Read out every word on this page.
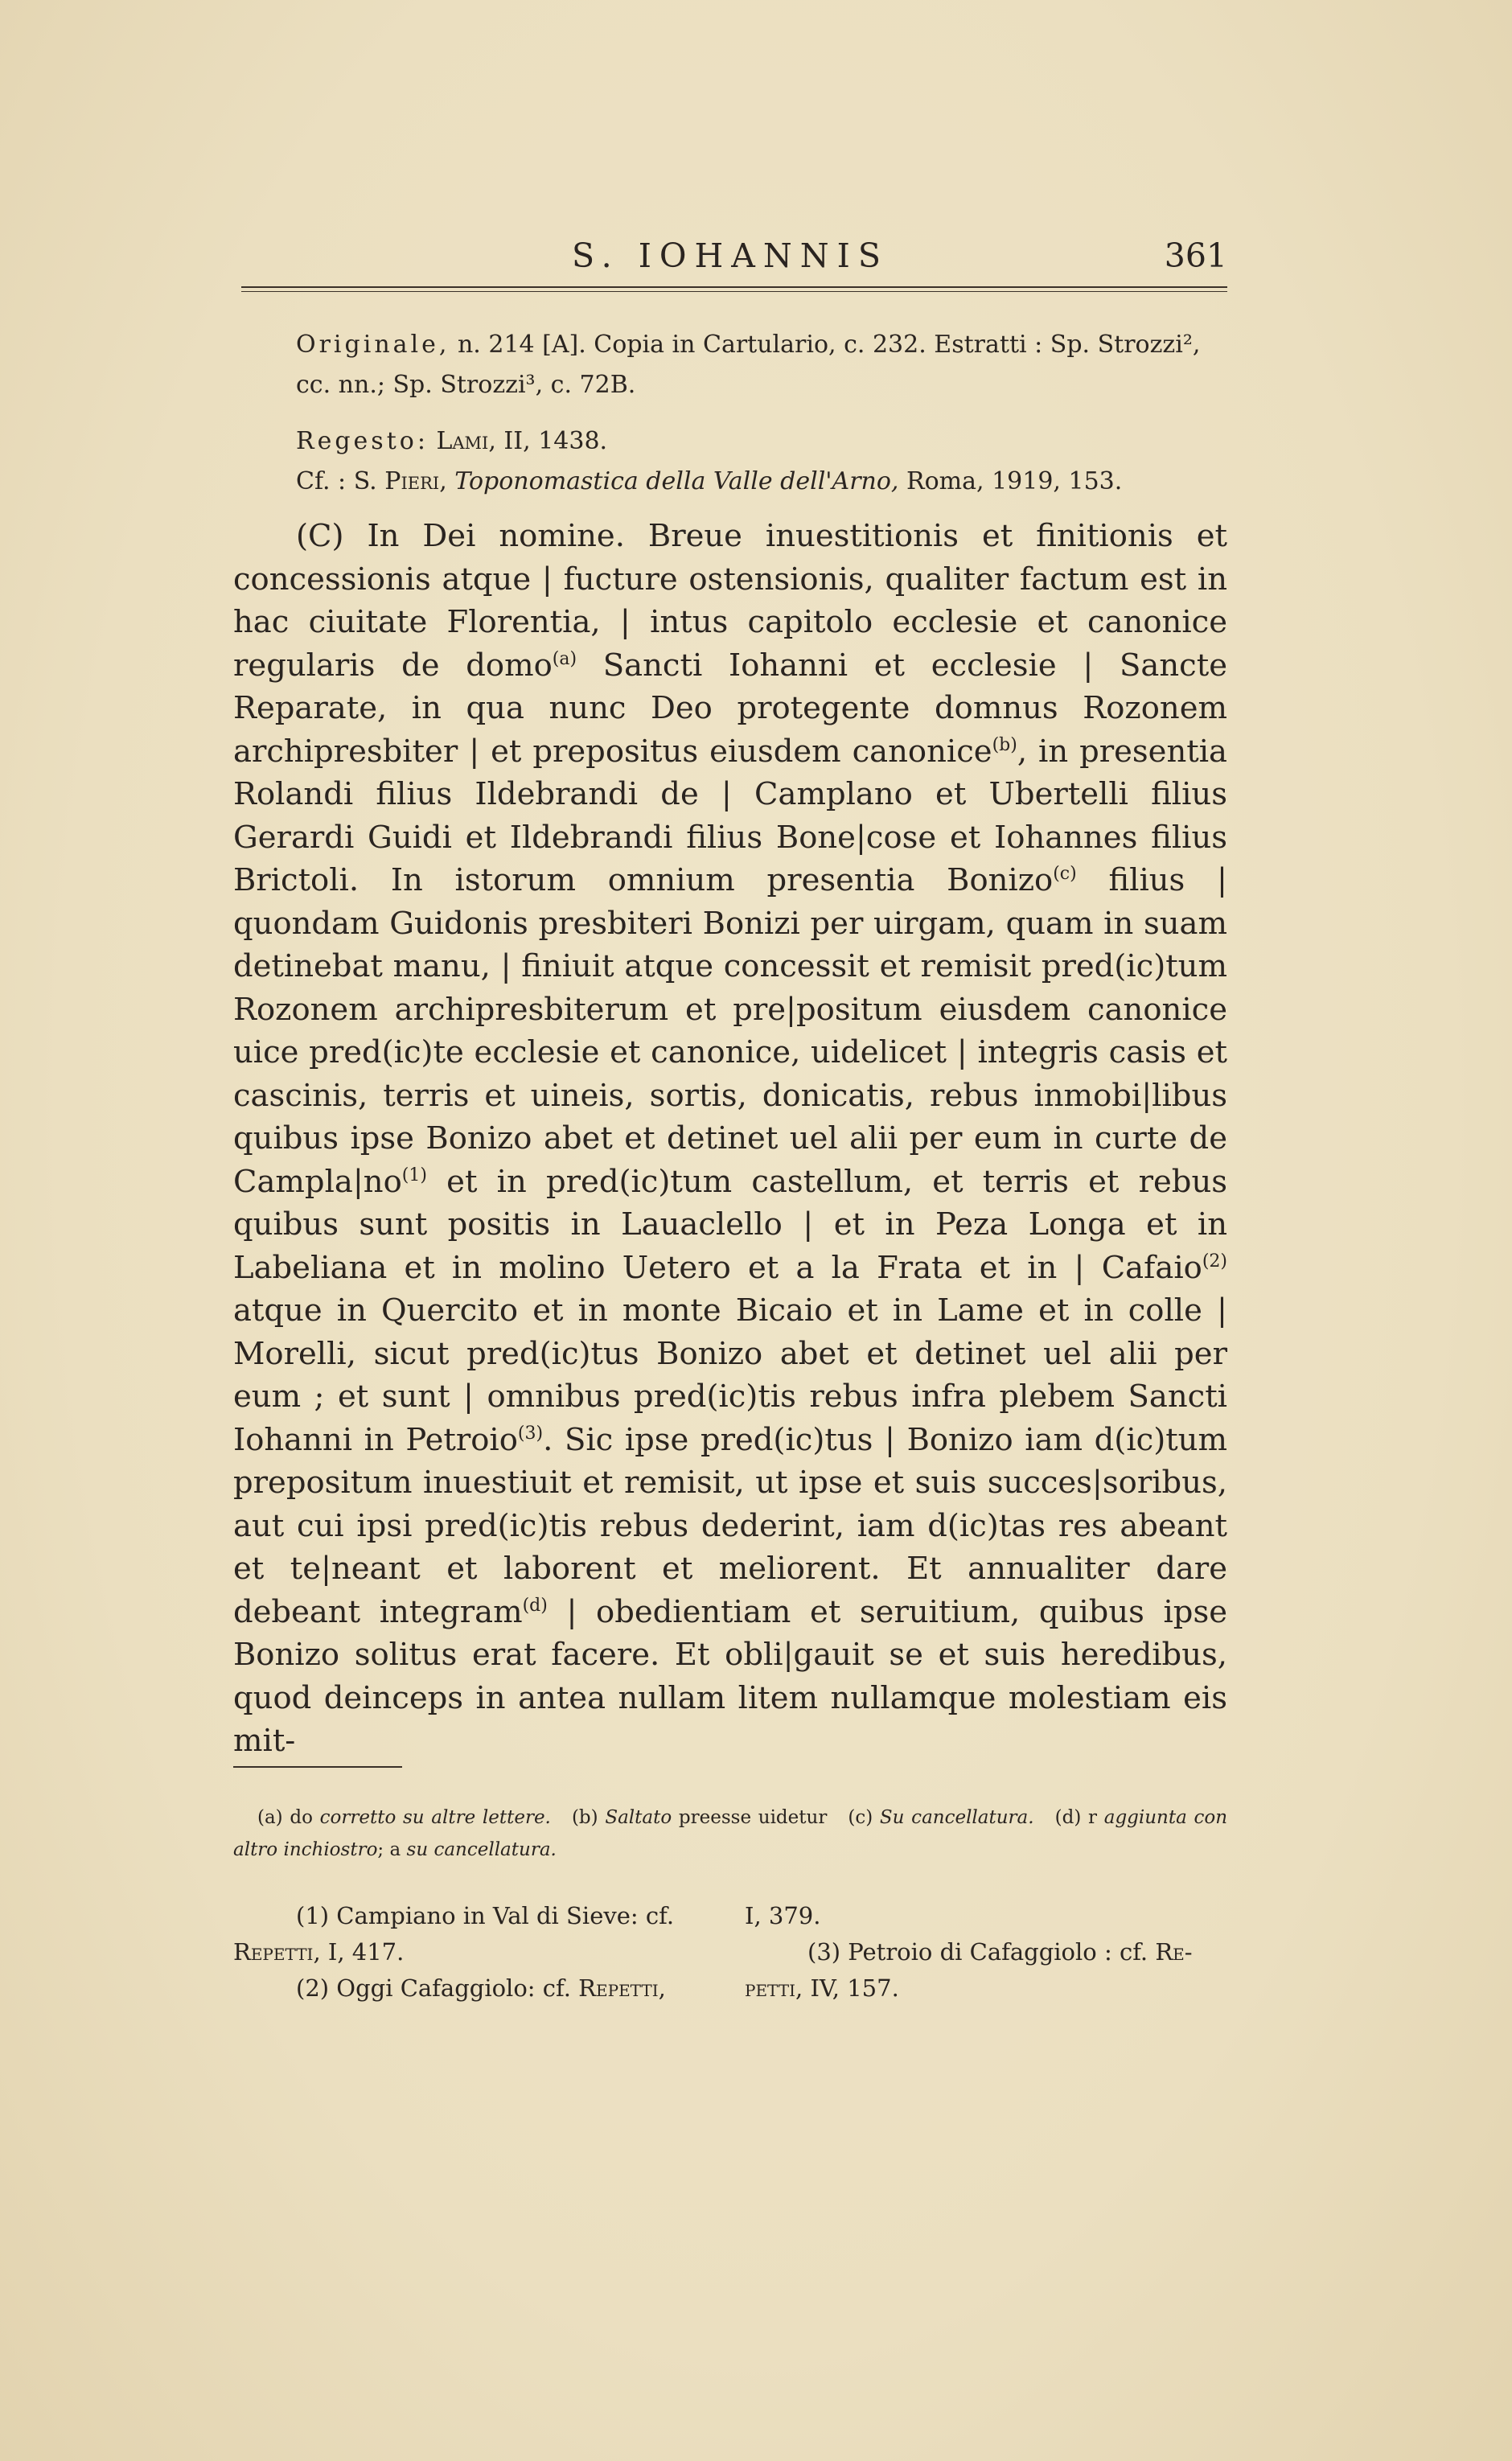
S. IOHANNIS	361

Originale, n. 214 [A]. Copia in Cartulario, c. 232. Estratti : Sp. Strozzi², cc. nn.; Sp. Strozzi³, c. 72B.

Regesto: Lami, II, 1438.

Cf. : S. Pieri, Toponomastica della Valle dell'Arno, Roma, 1919, 153.

(C) In Dei nomine. Breue inuestitionis et finitionis et concessionis atque | fucture ostensionis, qualiter factum est in hac ciuitate Florentia, | intus capitolo ecclesie et canonice regularis de domo$^{(a)}$ Sancti Iohanni et ecclesie | Sancte Reparate, in qua nunc Deo protegente domnus Rozonem archipresbiter | et prepositus eiusdem canonice$^{(b)}$, in presentia Rolandi filius Ildebrandi de | Camplano et Ubertelli filius Gerardi Guidi et Ildebrandi filius Bone|cose et Iohannes filius Brictoli. In istorum omnium presentia Bonizo$^{(c)}$ filius | quondam Guidonis presbiteri Bonizi per uirgam, quam in suam detinebat manu, | finiuit atque concessit et remisit pred(ic)tum Rozonem archipresbiterum et pre|positum eiusdem canonice uice pred(ic)te ecclesie et canonice, uidelicet | integris casis et cascinis, terris et uineis, sortis, donicatis, rebus inmobi|libus quibus ipse Bonizo abet et detinet uel alii per eum in curte de $Campla|no^{(1)}$ et in pred(ic)tum castellum, et terris et rebus quibus sunt positis in Lauaclello | et in Peza Longa et in Labeliana et in molino Uetero et a la Frata et in | Cafaio$^{(2)}$ atque in Quercito et in monte Bicaio et in Lame et in colle | Morelli, sicut pred(ic)tus Bonizo abet et detinet uel alii per eum ; et sunt | omnibus pred(ic)tis rebus infra plebem Sancti Iohanni in Petroio$^{(3)}$. Sic ipse pred(ic)tus | Bonizo iam d(ic)tum prepositum inuestiuit et remisit, ut ipse et suis succes|soribus, aut cui ipsi pred(ic)tis rebus dederint, iam d(ic)tas res abeant et te|neant et laborent et meliorent. Et annualiter dare debeant integram$^{(d)}$ | obedientiam et seruitium, quibus ipse Bonizo solitus erat facere. Et obli|gauit se et suis heredibus, quod deinceps in antea nullam litem nullamque molestiam eis mit-

(a) do corretto su altre lettere. (b) Saltato preesse uidetur (c) Su cancellatura. (d) r aggiunta con altro inchiostro; a su cancellatura.

(1) Campiano in Val di Sieve: cf.

Repetti, I, 417.

(2) Oggi Cafaggiolo: cf. Repetti,

I, 379.

(3) Petroio di Cafaggiolo : cf. Re-

petti, IV, 157.
